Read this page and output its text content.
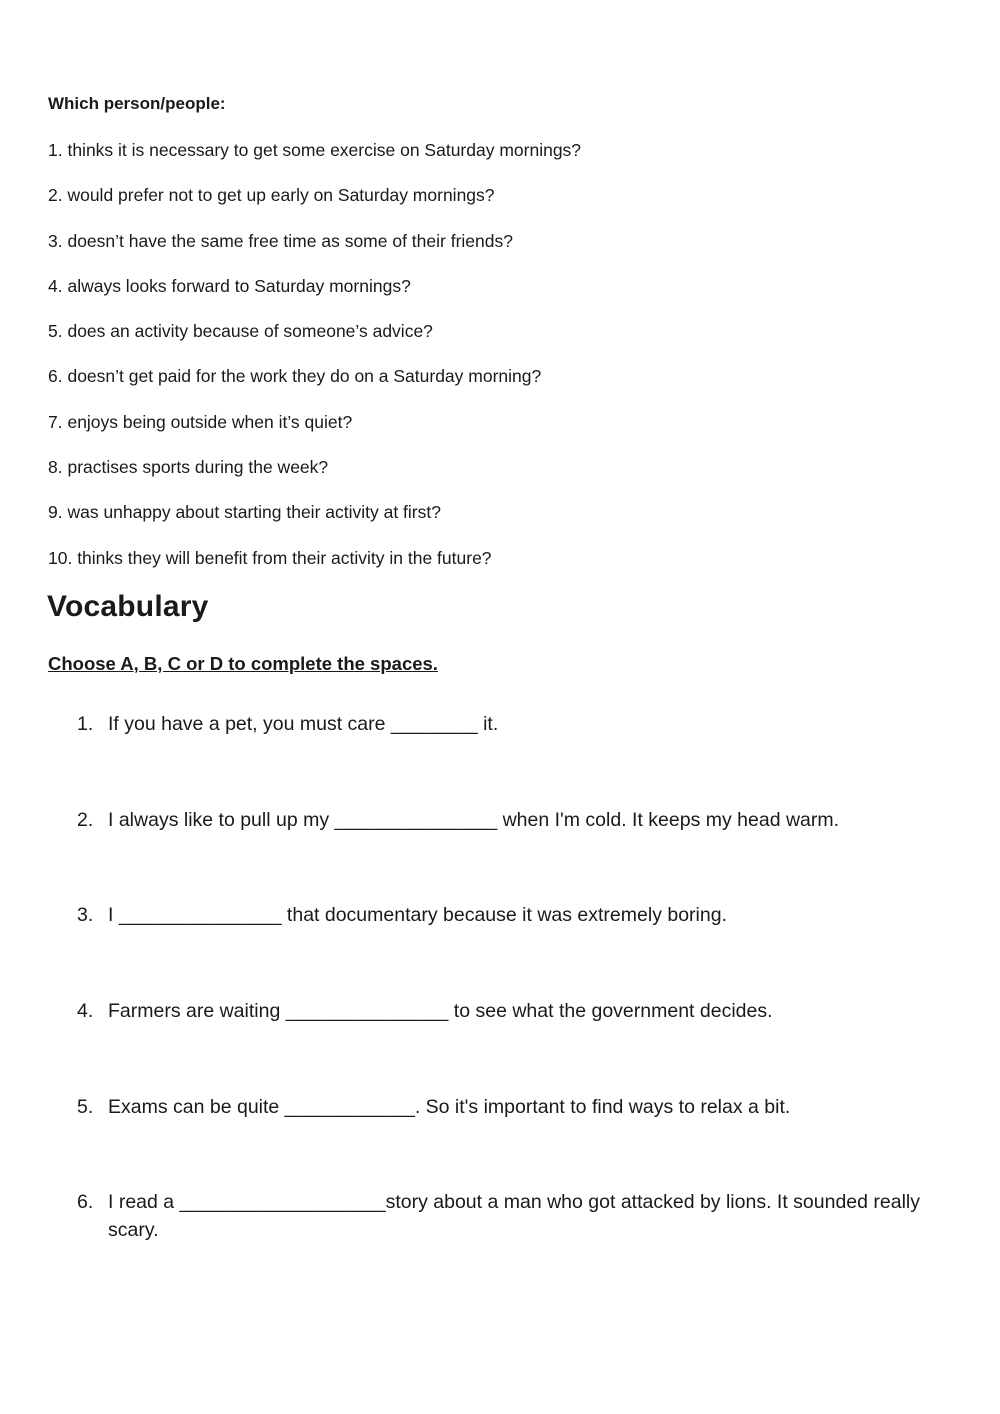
Which person/people:

1. thinks it is necessary to get some exercise on Saturday mornings?
2. would prefer not to get up early on Saturday mornings?
3. doesn’t have the same free time as some of their friends?
4. always looks forward to Saturday mornings?
5. does an activity because of someone’s advice?
6. doesn’t get paid for the work they do on a Saturday morning?
7. enjoys being outside when it’s quiet?
8. practises sports during the week?
9. was unhappy about starting their activity at first?
10. thinks they will benefit from their activity in the future?
Vocabulary

Choose A, B, C or D to complete the spaces.

1. If you have a pet, you must care ________ it.
2. I always like to pull up my _______________ when I'm cold. It keeps my head warm.
3. I _______________ that documentary because it was extremely boring.
4. Farmers are waiting _______________ to see what the government decides.
5. Exams can be quite ____________. So it's important to find ways to relax a bit.
6. I read a ___________________story about a man who got attacked by lions. It sounded really scary.
